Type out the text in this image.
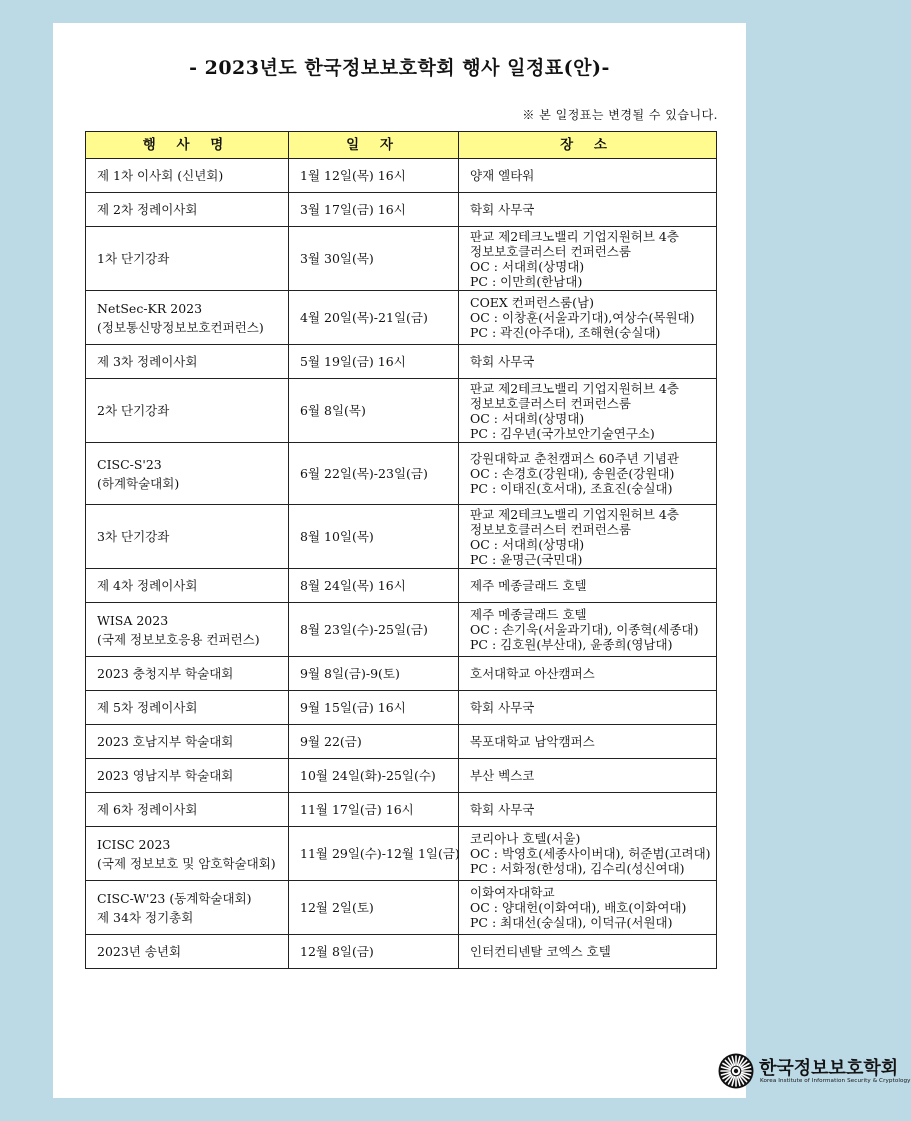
- 2023년도 한국정보보호학회 행사 일정표(안)-
※ 본 일정표는 변경될 수 있습니다.
행 사 명	일 자	장 소

제 1차 이사회 (신년회)	1월 12일(목) 16시	양재 엘타워

제 2차 정례이사회	3월 17일(금) 16시	학회 사무국

1차 단기강좌	3월 30일(목)	판교 제2테크노밸리 기업지원허브 4층
정보보호클러스터 컨퍼런스룸
OC : 서대희(상명대)
PC : 이만희(한남대)

NetSec-KR 2023
(정보통신망정보보호컨퍼런스)	4월 20일(목)-21일(금)	COEX 컨퍼런스룸(남)
OC : 이창훈(서울과기대),여상수(목원대)
PC : 곽진(아주대), 조해현(숭실대)

제 3차 정례이사회	5월 19일(금) 16시	학회 사무국

2차 단기강좌	6월 8일(목)	판교 제2테크노밸리 기업지원허브 4층
정보보호클러스터 컨퍼런스룸
OC : 서대희(상명대)
PC : 김우년(국가보안기술연구소)

CISC-S'23
(하계학술대회)	6월 22일(목)-23일(금)	강원대학교 춘천캠퍼스 60주년 기념관
OC : 손경호(강원대), 송원준(강원대)
PC : 이태진(호서대), 조효진(숭실대)

3차 단기강좌	8월 10일(목)	판교 제2테크노밸리 기업지원허브 4층
정보보호클러스터 컨퍼런스룸
OC : 서대희(상명대)
PC : 윤명근(국민대)

제 4차 정례이사회	8월 24일(목) 16시	제주 메종글래드 호텔

WISA 2023
(국제 정보보호응용 컨퍼런스)	8월 23일(수)-25일(금)	제주 메종글래드 호텔
OC : 손기욱(서울과기대), 이종혁(세종대)
PC : 김호원(부산대), 윤종희(영남대)

2023 충청지부 학술대회	9월 8일(금)-9(토)	호서대학교 아산캠퍼스

제 5차 정례이사회	9월 15일(금) 16시	학회 사무국

2023 호남지부 학술대회	9월 22(금)	목포대학교 남악캠퍼스

2023 영남지부 학술대회	10월 24일(화)-25일(수)	부산 벡스코

제 6차 정례이사회	11월 17일(금) 16시	학회 사무국

ICISC 2023
(국제 정보보호 및 암호학술대회)	11월 29일(수)-12월 1일(금)	코리아나 호텔(서울)
OC : 박영호(세종사이버대), 허준범(고려대)
PC : 서화정(한성대), 김수리(성신여대)

CISC-W'23 (동계학술대회)
제 34차 정기총회	12월 2일(토)	이화여자대학교
OC : 양대헌(이화여대), 배호(이화여대)
PC : 최대선(숭실대), 이덕규(서원대)

2023년 송년회	12월 8일(금)	인터컨티넨탈 코엑스 호텔
한국정보보호학회
Korea Institute of Information Security & Cryptology
